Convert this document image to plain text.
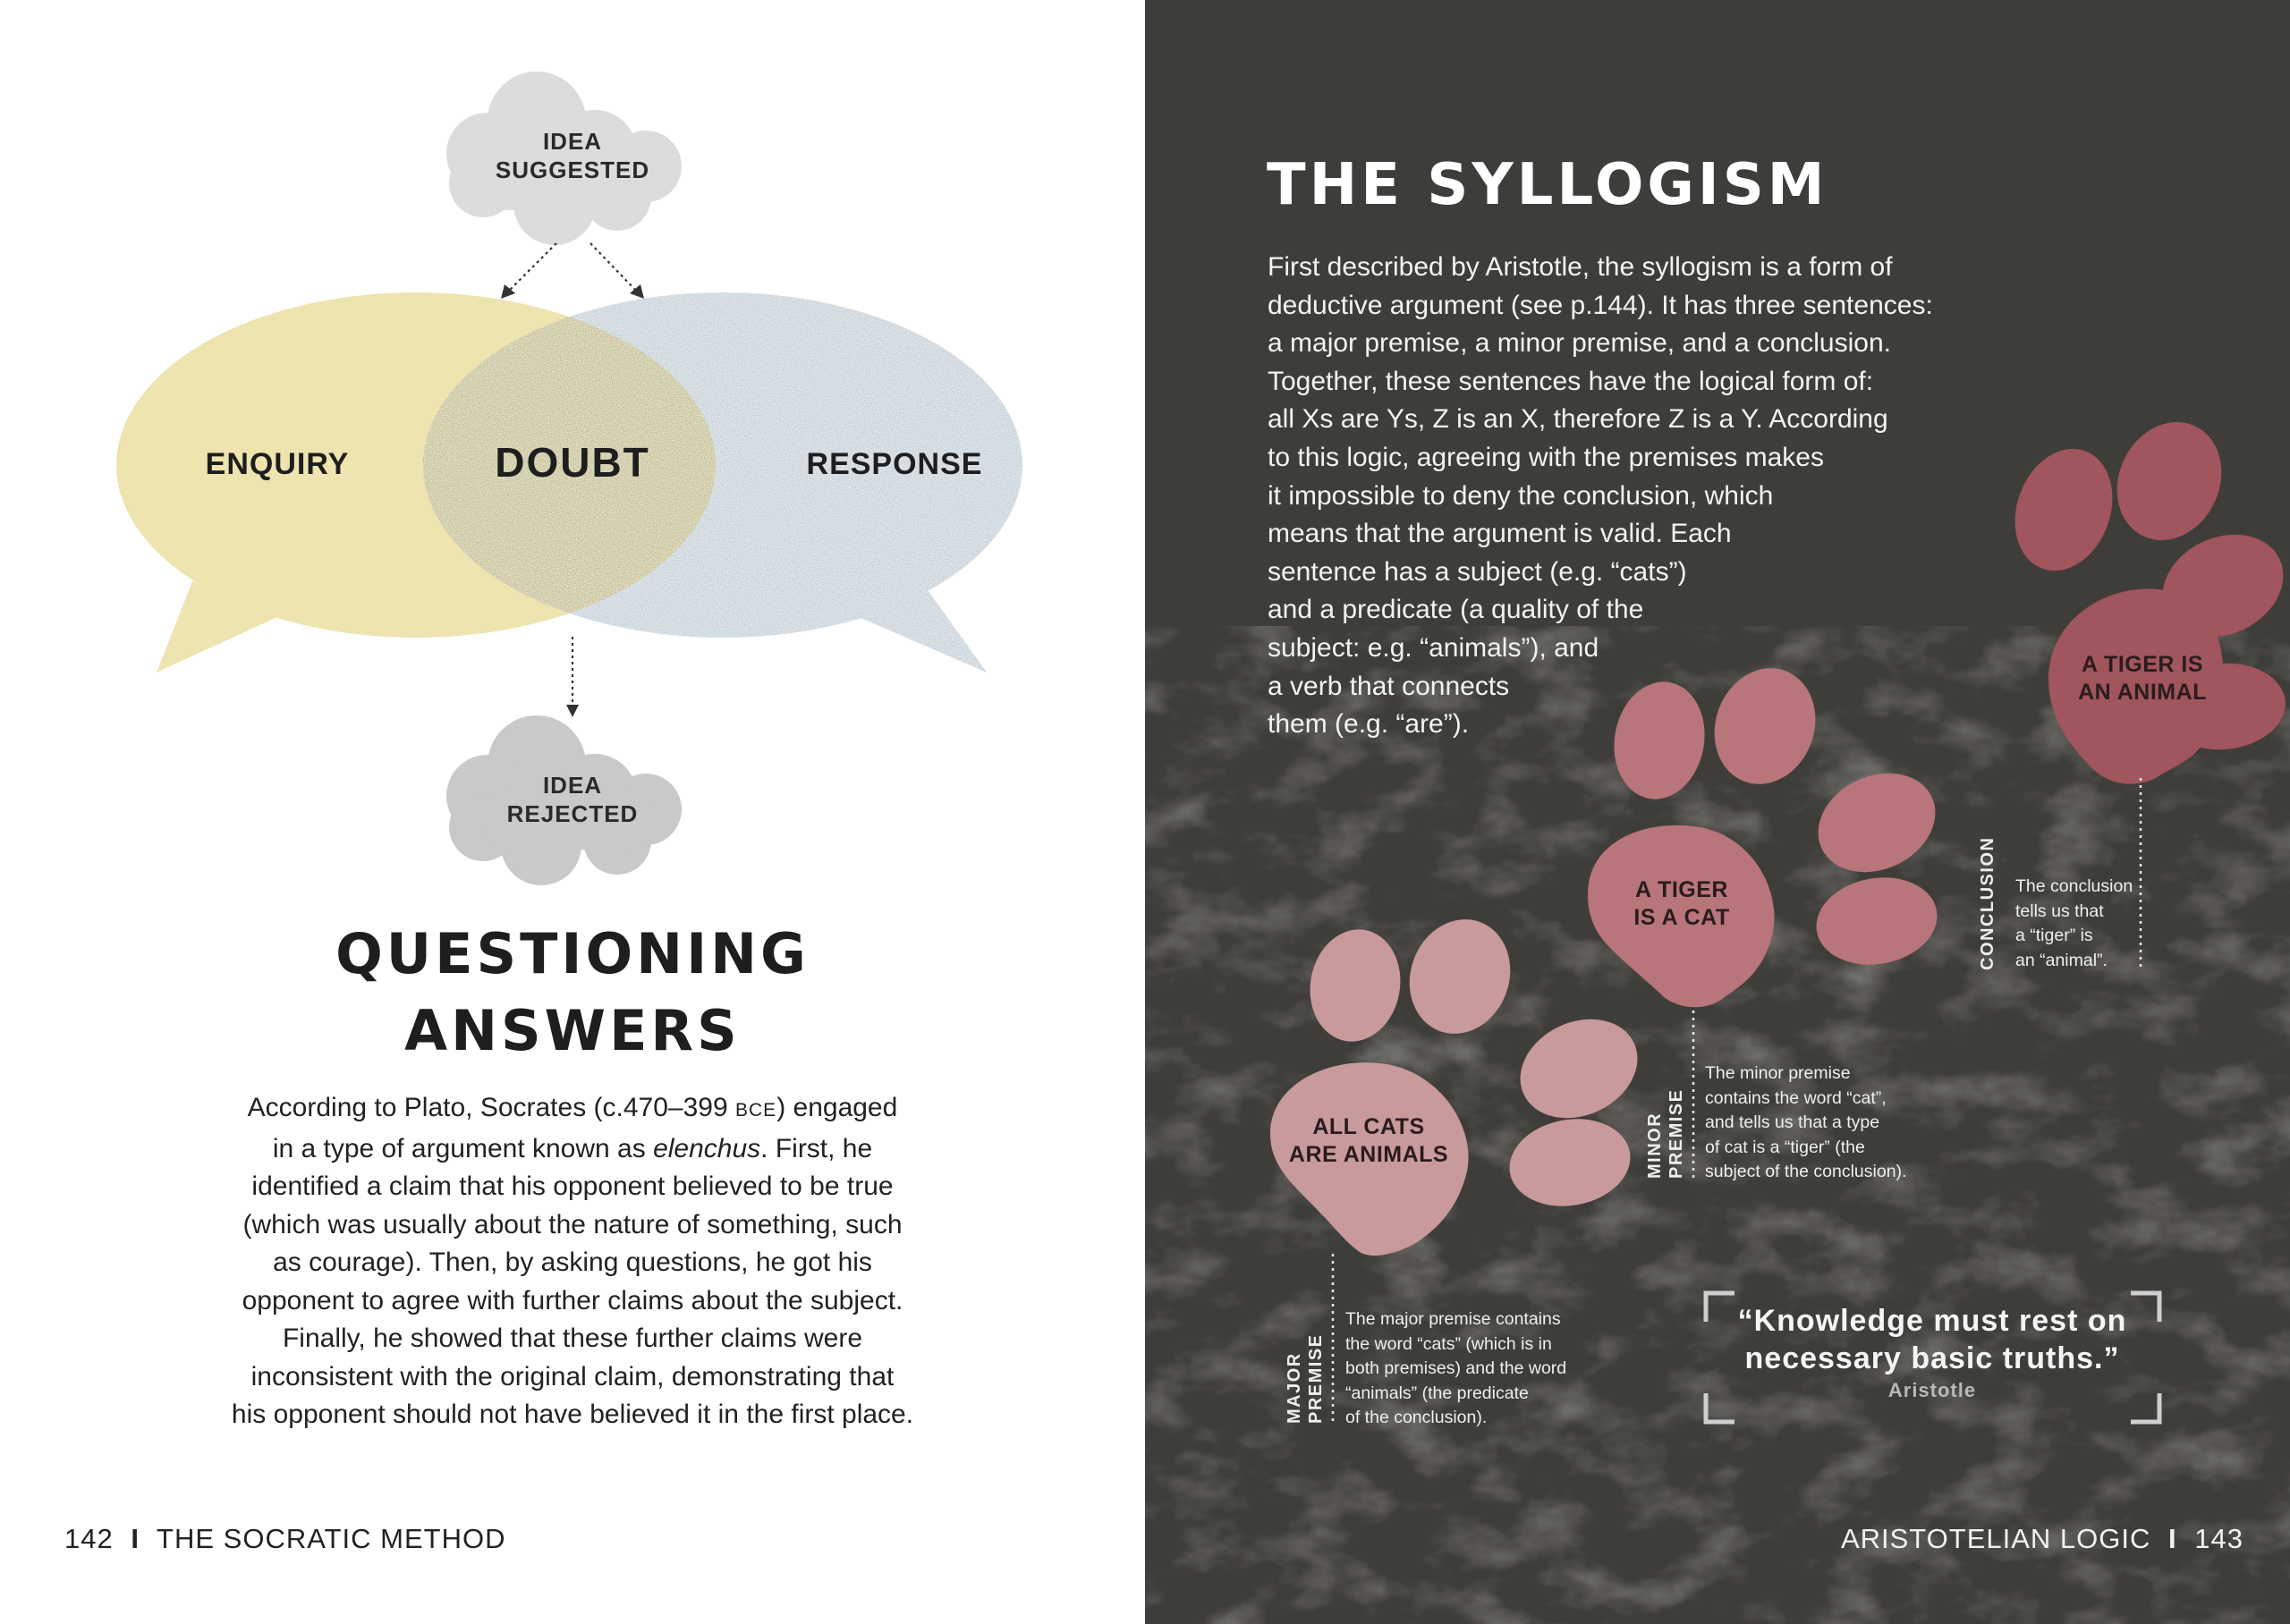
IDEA
SUGGESTED
IDEA
REJECTED
ENQUIRY	DOUBT	RESPONSE
QUESTIONING
ANSWERS
According to Plato, Socrates (c.470–399 BCE) engaged
in a type of argument known as elenchus. First, he
identified a claim that his opponent believed to be true
(which was usually about the nature of something, such
as courage). Then, by asking questions, he got his
opponent to agree with further claims about the subject.
Finally, he showed that these further claims were
inconsistent with the original claim, demonstrating that
his opponent should not have believed it in the first place.
142 I THE SOCRATIC METHOD
THE SYLLOGISM
First described by Aristotle, the syllogism is a form of
deductive argument (see p.144). It has three sentences:
a major premise, a minor premise, and a conclusion.
Together, these sentences have the logical form of:
all Xs are Ys, Z is an X, therefore Z is a Y. According
to this logic, agreeing with the premises makes
it impossible to deny the conclusion, which
means that the argument is valid. Each
sentence has a subject (e.g. “cats”)
and a predicate (a quality of the
subject: e.g. “animals”), and
a verb that connects
them (e.g. “are”).
A TIGER IS
AN ANIMAL
A TIGER
IS A CAT
ALL CATS
ARE ANIMALS
CONCLUSION
MINOR PREMISE
MAJOR PREMISE
The conclusion
tells us that
a “tiger” is
an “animal”.
The minor premise
contains the word “cat”,
and tells us that a type
of cat is a “tiger” (the
subject of the conclusion).
The major premise contains
the word “cats” (which is in
both premises) and the word
“animals” (the predicate
of the conclusion).
“Knowledge must rest on
necessary basic truths.”
Aristotle
ARISTOTELIAN LOGIC I 143
